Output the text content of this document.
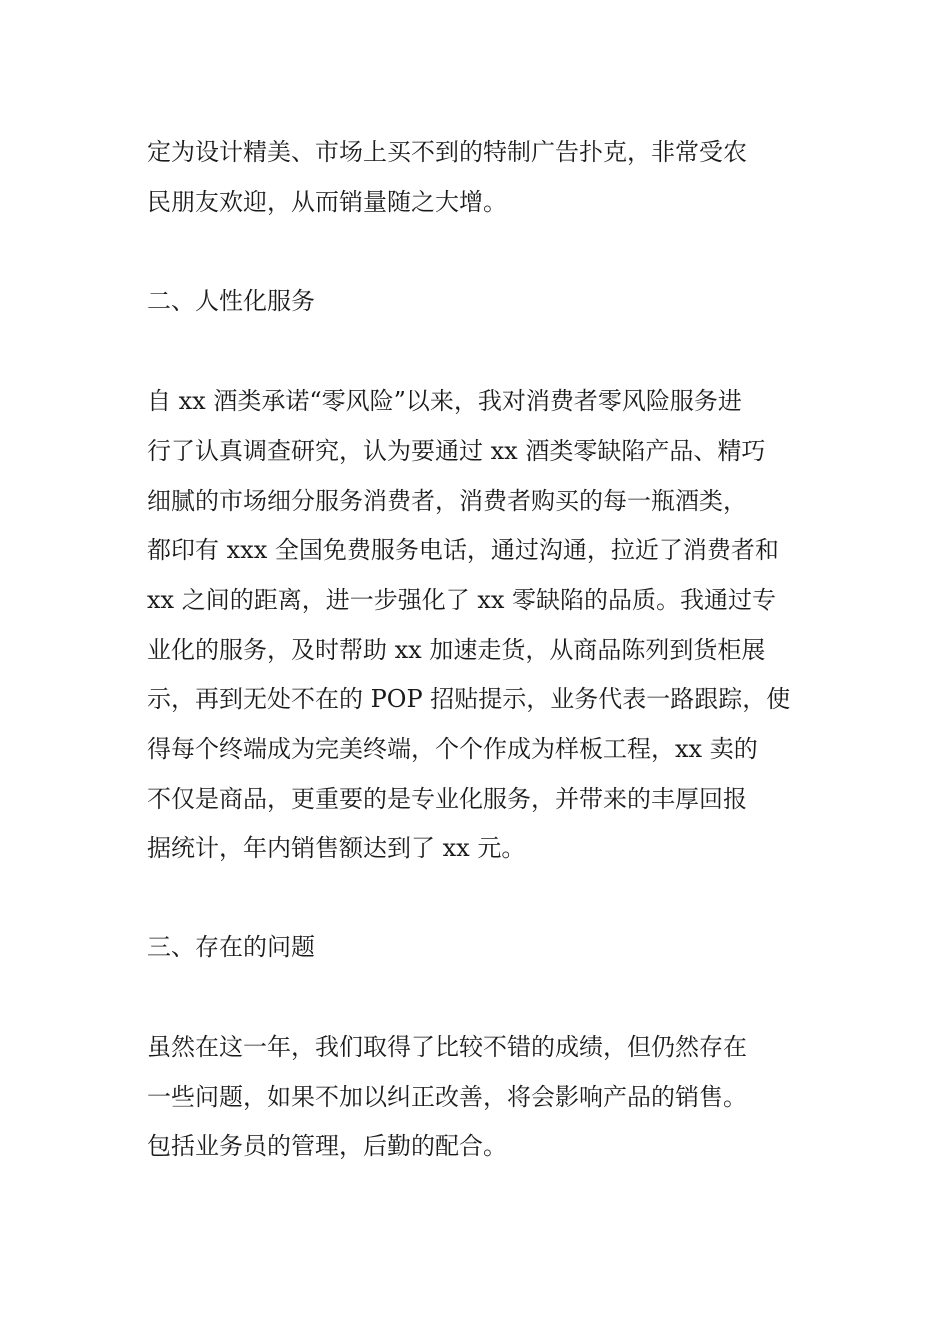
定为设计精美、市场上买不到的特制广告扑克，非常受农
民朋友欢迎，从而销量随之大增。
二、人性化服务
自 xx 酒类承诺“零风险”以来，我对消费者零风险服务进
行了认真调查研究，认为要通过 xx 酒类零缺陷产品、精巧
细腻的市场细分服务消费者，消费者购买的每一瓶酒类，
都印有 xxx 全国免费服务电话，通过沟通，拉近了消费者和
xx 之间的距离，进一步强化了 xx 零缺陷的品质。我通过专
业化的服务，及时帮助 xx 加速走货，从商品陈列到货柜展
示，再到无处不在的 POP 招贴提示，业务代表一路跟踪，使
得每个终端成为完美终端，个个作成为样板工程，xx 卖的
不仅是商品，更重要的是专业化服务，并带来的丰厚回报
据统计，年内销售额达到了 xx 元。
三、存在的问题
虽然在这一年，我们取得了比较不错的成绩，但仍然存在
一些问题，如果不加以纠正改善，将会影响产品的销售。
包括业务员的管理，后勤的配合。
